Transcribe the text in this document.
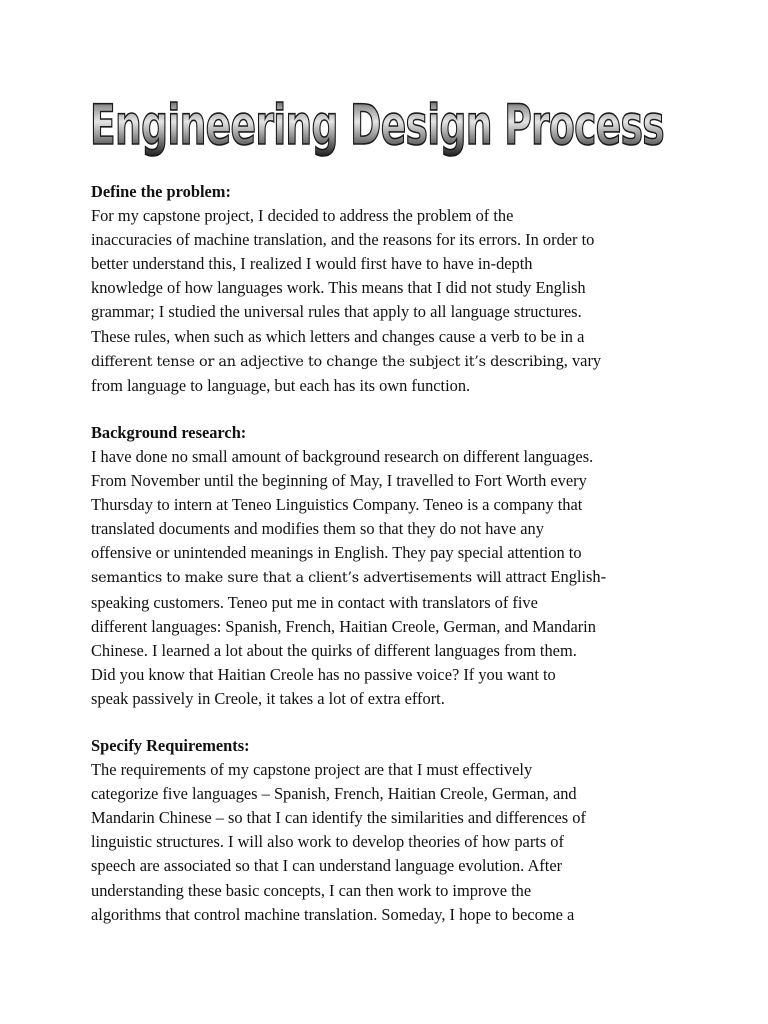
Engineering Design Process
Define the problem:
For my capstone project, I decided to address the problem of the
inaccuracies of machine translation, and the reasons for its errors. In order to
better understand this, I realized I would first have to have in-depth
knowledge of how languages work. This means that I did not study English
grammar; I studied the universal rules that apply to all language structures.
These rules, when such as which letters and changes cause a verb to be in a
different tense or an adjective to change the subject it’s describing, vary
from language to language, but each has its own function.
Background research:
I have done no small amount of background research on different languages.
From November until the beginning of May, I travelled to Fort Worth every
Thursday to intern at Teneo Linguistics Company. Teneo is a company that
translated documents and modifies them so that they do not have any
offensive or unintended meanings in English. They pay special attention to
semantics to make sure that a client’s advertisements will attract English-
speaking customers. Teneo put me in contact with translators of five
different languages: Spanish, French, Haitian Creole, German, and Mandarin
Chinese. I learned a lot about the quirks of different languages from them.
Did you know that Haitian Creole has no passive voice? If you want to
speak passively in Creole, it takes a lot of extra effort.
Specify Requirements:
The requirements of my capstone project are that I must effectively
categorize five languages – Spanish, French, Haitian Creole, German, and
Mandarin Chinese – so that I can identify the similarities and differences of
linguistic structures. I will also work to develop theories of how parts of
speech are associated so that I can understand language evolution. After
understanding these basic concepts, I can then work to improve the
algorithms that control machine translation. Someday, I hope to become a
